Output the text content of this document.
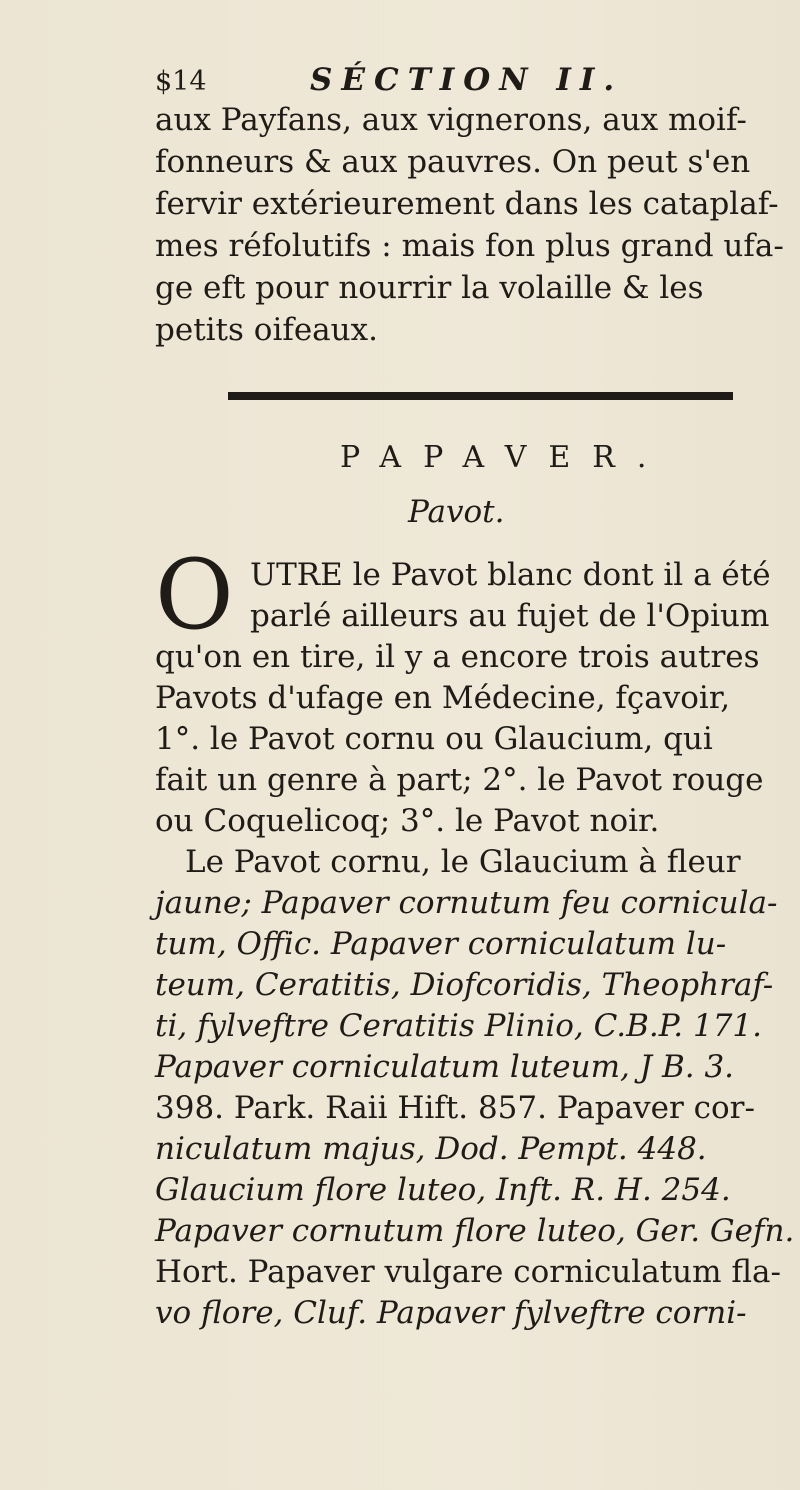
$14	SÉCTION II.
aux Payfans, aux vignerons, aux moif-
fonneurs & aux pauvres. On peut s'en
fervir extérieurement dans les cataplaf-
mes réfolutifs : mais fon plus grand ufa-
ge eft pour nourrir la volaille & les
petits oifeaux.
PAPAVER.
Pavot.
O UTRE le Pavot blanc dont il a été
parlé ailleurs au fujet de l'Opium
qu'on en tire, il y a encore trois autres
Pavots d'ufage en Médecine, fçavoir,
1°. le Pavot cornu ou Glaucium, qui
fait un genre à part; 2°. le Pavot rouge
ou Coquelicoq; 3°. le Pavot noir.
Le Pavot cornu, le Glaucium à fleur
jaune; Papaver cornutum feu cornicula-
tum, Offic. Papaver corniculatum lu-
teum, Ceratitis, Diofcoridis, Theophraf-
ti, fylveftre Ceratitis Plinio, C.B.P. 171.
Papaver corniculatum luteum, J B. 3.
398. Park. Raii Hift. 857. Papaver cor-
niculatum majus, Dod. Pempt. 448.
Glaucium flore luteo, Inft. R. H. 254.
Papaver cornutum flore luteo, Ger. Gefn.
Hort. Papaver vulgare corniculatum fla-
vo flore, Cluf. Papaver fylveftre corni-
